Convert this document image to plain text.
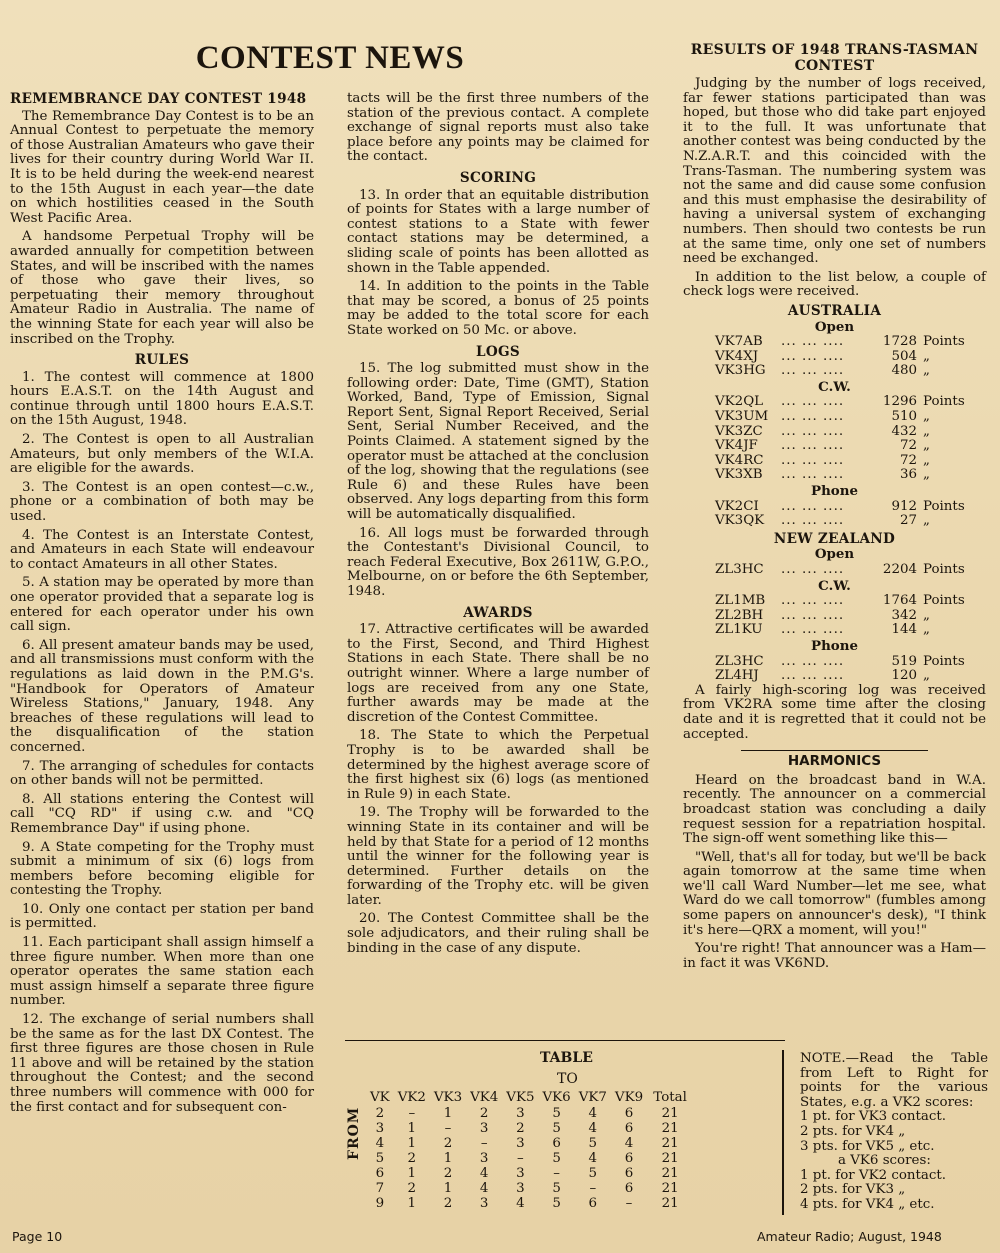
CONTEST NEWS
REMEMBRANCE DAY CONTEST 1948

The Remembrance Day Contest is to be an Annual Contest to perpetuate the memory of those Australian Amateurs who gave their lives for their country during World War II. It is to be held during the week-end nearest to the 15th August in each year—the date on which hostilities ceased in the South West Pacific Area.

A handsome Perpetual Trophy will be awarded annually for competition between States, and will be inscribed with the names of those who gave their lives, so perpetuating their memory throughout Amateur Radio in Australia. The name of the winning State for each year will also be inscribed on the Trophy.

RULES

1. The contest will commence at 1800 hours E.A.S.T. on the 14th August and continue through until 1800 hours E.A.S.T. on the 15th August, 1948.

2. The Contest is open to all Australian Amateurs, but only members of the W.I.A. are eligible for the awards.

3. The Contest is an open contest—c.w., phone or a combination of both may be used.

4. The Contest is an Interstate Contest, and Amateurs in each State will endeavour to contact Amateurs in all other States.

5. A station may be operated by more than one operator provided that a separate log is entered for each operator under his own call sign.

6. All present amateur bands may be used, and all transmissions must conform with the regulations as laid down in the P.M.G's. "Handbook for Operators of Amateur Wireless Stations," January, 1948. Any breaches of these regulations will lead to the disqualification of the station concerned.

7. The arranging of schedules for contacts on other bands will not be permitted.

8. All stations entering the Contest will call "CQ RD" if using c.w. and "CQ Remembrance Day" if using phone.

9. A State competing for the Trophy must submit a minimum of six (6) logs from members before becoming eligible for contesting the Trophy.

10. Only one contact per station per band is permitted.

11. Each participant shall assign himself a three figure number. When more than one operator operates the same station each must assign himself a separate three figure number.

12. The exchange of serial numbers shall be the same as for the last DX Contest. The first three figures are those chosen in Rule 11 above and will be retained by the station throughout the Contest; and the second three numbers will commence with 000 for the first contact and for subsequent con-

tacts will be the first three numbers of the station of the previous contact. A complete exchange of signal reports must also take place before any points may be claimed for the contact.

SCORING

13. In order that an equitable distribution of points for States with a large number of contest stations to a State with fewer contact stations may be determined, a sliding scale of points has been allotted as shown in the Table appended.

14. In addition to the points in the Table that may be scored, a bonus of 25 points may be added to the total score for each State worked on 50 Mc. or above.

LOGS

15. The log submitted must show in the following order: Date, Time (GMT), Station Worked, Band, Type of Emission, Signal Report Sent, Signal Report Received, Serial Sent, Serial Number Received, and the Points Claimed. A statement signed by the operator must be attached at the conclusion of the log, showing that the regulations (see Rule 6) and these Rules have been observed. Any logs departing from this form will be automatically disqualified.

16. All logs must be forwarded through the Contestant's Divisional Council, to reach Federal Executive, Box 2611W, G.P.O., Melbourne, on or before the 6th September, 1948.

AWARDS

17. Attractive certificates will be awarded to the First, Second, and Third Highest Stations in each State. There shall be no outright winner. Where a large number of logs are received from any one State, further awards may be made at the discretion of the Contest Committee.

18. The State to which the Perpetual Trophy is to be awarded shall be determined by the highest average score of the first highest six (6) logs (as mentioned in Rule 9) in each State.

19. The Trophy will be forwarded to the winning State in its container and will be held by that State for a period of 12 months until the winner for the following year is determined. Further details on the forwarding of the Trophy etc. will be given later.

20. The Contest Committee shall be the sole adjudicators, and their ruling shall be binding in the case of any dispute.

RESULTS OF 1948 TRANS-TASMAN CONTEST

Judging by the number of logs received, far fewer stations participated than was hoped, but those who did take part enjoyed it to the full. It was unfortunate that another contest was being conducted by the N.Z.A.R.T. and this coincided with the Trans-Tasman. The numbering system was not the same and did cause some confusion and this must emphasise the desirability of having a universal system of exchanging numbers. Then should two contests be run at the same time, only one set of numbers need be exchanged.

In addition to the list below, a couple of check logs were received.

AUSTRALIA
Open
VK7AB	... ... ....	1728 Points
VK4XJ	... ... ....	504 „
VK3HG	... ... ....	480 „
C.W.
VK2QL	... ... ....	1296 Points
VK3UM ... ... ....	510 „
VK3ZC	... ... ....	432 „
VK4JF	... ... ....	72 „
VK4RC	... ... ....	72 „
VK3XB	... ... ....	36 „
Phone
VK2CI	... ... ....	912 Points
VK3QK	... ... ....	27 „
NEW ZEALAND
Open
ZL3HC	... ... ....	2204 Points
C.W.
ZL1MB	... ... ....	1764 Points
ZL2BH	... ... ....	342 „
ZL1KU	... ... ....	144 „
Phone
ZL3HC	... ... ....	519 Points
ZL4HJ	... ... ....	120 „

A fairly high-scoring log was received from VK2RA some time after the closing date and it is regretted that it could not be accepted.

HARMONICS

Heard on the broadcast band in W.A. recently. The announcer on a commercial broadcast station was concluding a daily request session for a repatriation hospital. The sign-off went something like this—

"Well, that's all for today, but we'll be back again tomorrow at the same time when we'll call Ward Number—let me see, what Ward do we call tomorrow" (fumbles among some papers on announcer's desk), "I think it's here—QRX a moment, will you!"

You're right! That announcer was a Ham—in fact it was VK6ND.

TABLE
TO
FROM
VK	VK2	VK3	VK4	VK5	VK6	VK7	VK9	Total
2	–	1	2	3	5	4	6	21
3	1	–	3	2	5	4	6	21
4	1	2	–	3	6	5	4	21
5	2	1	3	–	5	4	6	21
6	1	2	4	3	–	5	6	21
7	2	1	4	3	5	–	6	21
9	1	2	3	4	5	6	–	21
NOTE.—Read the Table from Left to Right for points for the various States, e.g. a VK2 scores:
1 pt. for VK3 contact.
2 pts. for VK4 „
3 pts. for VK5 „ etc.
a VK6 scores:
1 pt. for VK2 contact.
2 pts. for VK3 „
4 pts. for VK4 „ etc.
Page 10	Amateur Radio; August, 1948
